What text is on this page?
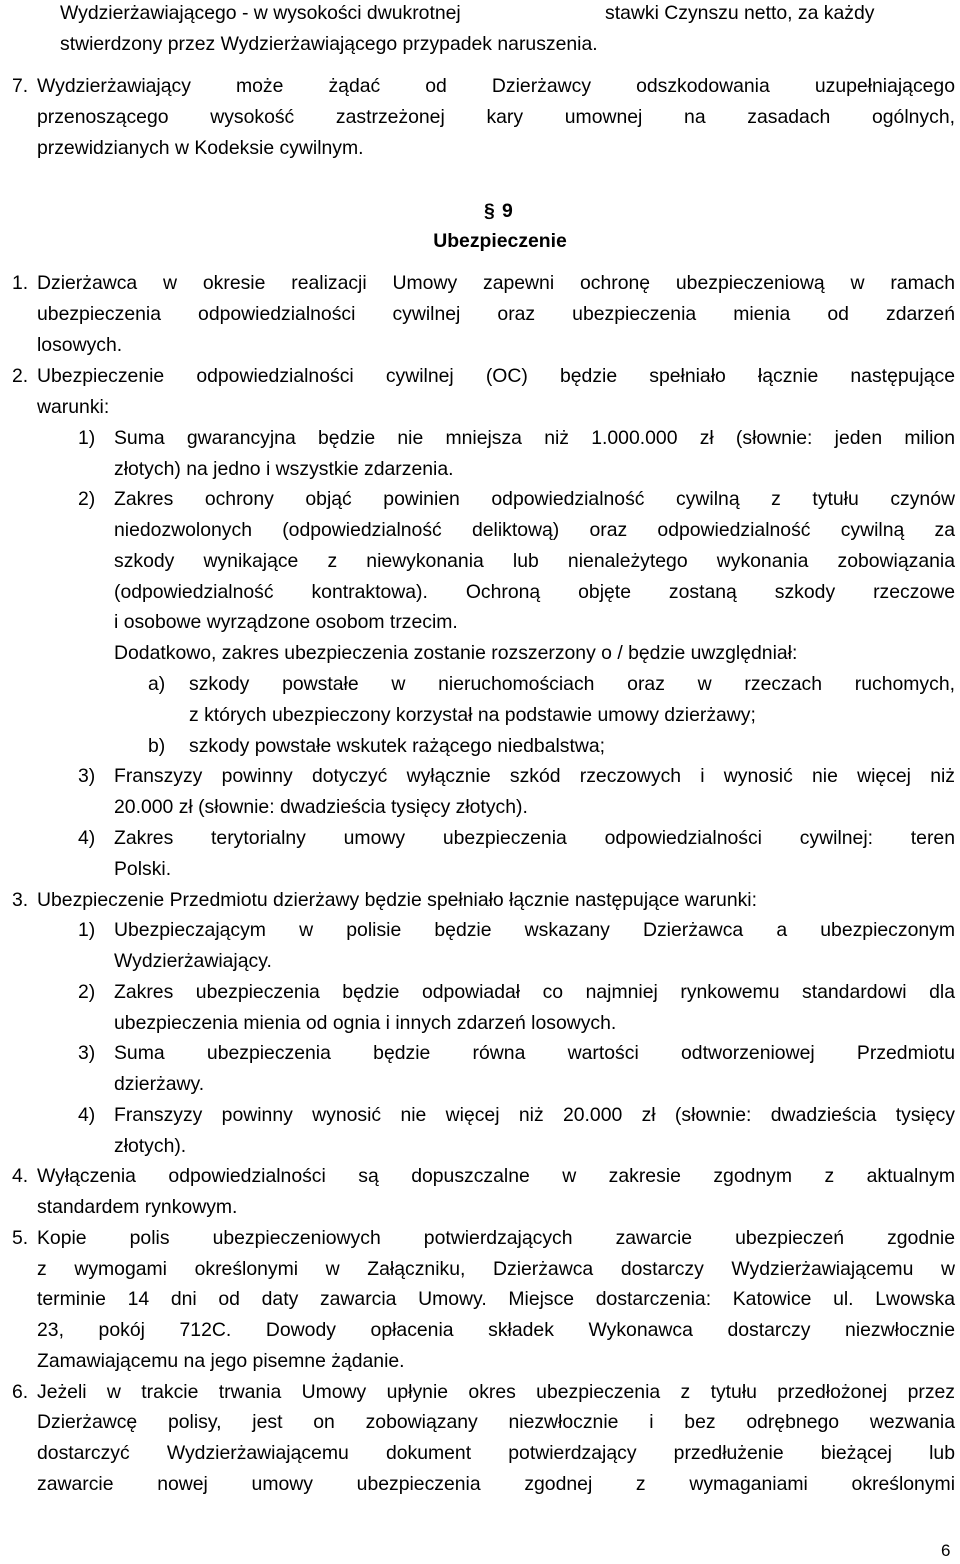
Wydzierżawiającego - w wysokości dwukrotnej	stawki Czynszu netto, za każdy
stwierdzony przez Wydzierżawiającego przypadek naruszenia.
7. Wydzierżawiający może żądać od Dzierżawcy odszkodowania uzupełniającego
przenoszącego wysokość zastrzeżonej kary umownej na zasadach ogólnych,
przewidzianych w Kodeksie cywilnym.
§ 9
Ubezpieczenie
1. Dzierżawca w okresie realizacji Umowy zapewni ochronę ubezpieczeniową w ramach
ubezpieczenia odpowiedzialności cywilnej oraz ubezpieczenia mienia od zdarzeń
losowych.
2. Ubezpieczenie odpowiedzialności cywilnej (OC) będzie spełniało łącznie następujące
warunki:
1) Suma gwarancyjna będzie nie mniejsza niż 1.000.000 zł (słownie: jeden milion
złotych) na jedno i wszystkie zdarzenia.
2) Zakres ochrony objąć powinien odpowiedzialność cywilną z tytułu czynów
niedozwolonych (odpowiedzialność deliktową) oraz odpowiedzialność cywilną za
szkody wynikające z niewykonania lub nienależytego wykonania zobowiązania
(odpowiedzialność kontraktowa). Ochroną objęte zostaną szkody rzeczowe
i osobowe wyrządzone osobom trzecim.
Dodatkowo, zakres ubezpieczenia zostanie rozszerzony o / będzie uwzględniał:
a) szkody powstałe w nieruchomościach oraz w rzeczach ruchomych,
z których ubezpieczony korzystał na podstawie umowy dzierżawy;
b) szkody powstałe wskutek rażącego niedbalstwa;
3) Franszyzy powinny dotyczyć wyłącznie szkód rzeczowych i wynosić nie więcej niż
20.000 zł (słownie: dwadzieścia tysięcy złotych).
4) Zakres terytorialny umowy ubezpieczenia odpowiedzialności cywilnej: teren
Polski.
3. Ubezpieczenie Przedmiotu dzierżawy będzie spełniało łącznie następujące warunki:
1) Ubezpieczającym w polisie będzie wskazany Dzierżawca a ubezpieczonym
Wydzierżawiający.
2) Zakres ubezpieczenia będzie odpowiadał co najmniej rynkowemu standardowi dla
ubezpieczenia mienia od ognia i innych zdarzeń losowych.
3) Suma ubezpieczenia będzie równa wartości odtworzeniowej Przedmiotu
dzierżawy.
4) Franszyzy powinny wynosić nie więcej niż 20.000 zł (słownie: dwadzieścia tysięcy
złotych).
4. Wyłączenia odpowiedzialności są dopuszczalne w zakresie zgodnym z aktualnym
standardem rynkowym.
5. Kopie polis ubezpieczeniowych potwierdzających zawarcie ubezpieczeń zgodnie
z wymogami określonymi w Załączniku, Dzierżawca dostarczy Wydzierżawiającemu w
terminie 14 dni od daty zawarcia Umowy. Miejsce dostarczenia: Katowice ul. Lwowska
23, pokój 712C. Dowody opłacenia składek Wykonawca dostarczy niezwłocznie
Zamawiającemu na jego pisemne żądanie.
6. Jeżeli w trakcie trwania Umowy upłynie okres ubezpieczenia z tytułu przedłożonej przez
Dzierżawcę polisy, jest on zobowiązany niezwłocznie i bez odrębnego wezwania
dostarczyć Wydzierżawiającemu dokument potwierdzający przedłużenie bieżącej lub
zawarcie nowej umowy ubezpieczenia zgodnej z wymaganiami określonymi
6
